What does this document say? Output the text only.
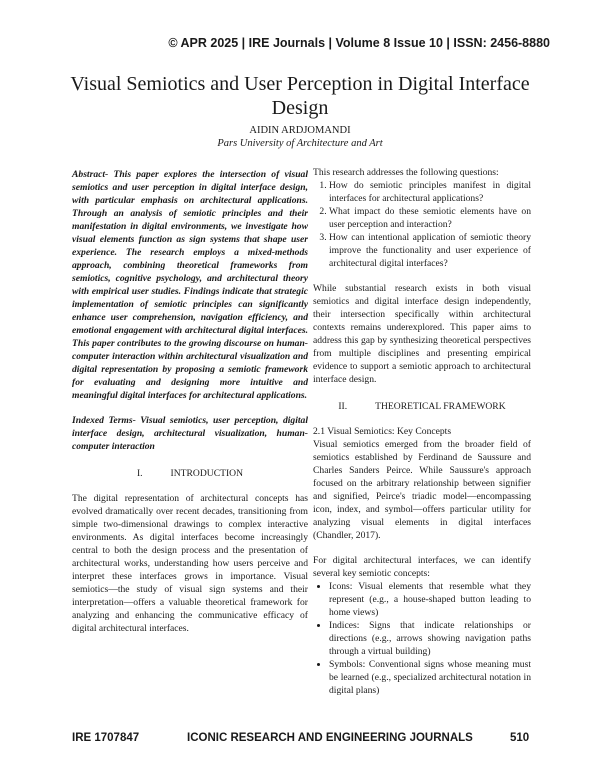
© APR 2025 | IRE Journals | Volume 8 Issue 10 | ISSN: 2456-8880
Visual Semiotics and User Perception in Digital Interface Design
AIDIN ARDJOMANDI
Pars University of Architecture and Art

Abstract- This paper explores the intersection of visual semiotics and user perception in digital interface design, with particular emphasis on architectural applications. Through an analysis of semiotic principles and their manifestation in digital environments, we investigate how visual elements function as sign systems that shape user experience. The research employs a mixed-methods approach, combining theoretical frameworks from semiotics, cognitive psychology, and architectural theory with empirical user studies. Findings indicate that strategic implementation of semiotic principles can significantly enhance user comprehension, navigation efficiency, and emotional engagement with architectural digital interfaces. This paper contributes to the growing discourse on human-computer interaction within architectural visualization and digital representation by proposing a semiotic framework for evaluating and designing more intuitive and meaningful digital interfaces for architectural applications.

Indexed Terms- Visual semiotics, user perception, digital interface design, architectural visualization, human-computer interaction

I.	INTRODUCTION

The digital representation of architectural concepts has evolved dramatically over recent decades, transitioning from simple two-dimensional drawings to complex interactive environments. As digital interfaces become increasingly central to both the design process and the presentation of architectural works, understanding how users perceive and interpret these interfaces grows in importance. Visual semiotics—the study of visual sign systems and their interpretation—offers a valuable theoretical framework for analyzing and enhancing the communicative efficacy of digital architectural interfaces.

This research addresses the following questions:

1. How do semiotic principles manifest in digital interfaces for architectural applications?
2. What impact do these semiotic elements have on user perception and interaction?
3. How can intentional application of semiotic theory improve the functionality and user experience of architectural digital interfaces?

While substantial research exists in both visual semiotics and digital interface design independently, their intersection specifically within architectural contexts remains underexplored. This paper aims to address this gap by synthesizing theoretical perspectives from multiple disciplines and presenting empirical evidence to support a semiotic approach to architectural interface design.

II.	THEORETICAL FRAMEWORK

2.1 Visual Semiotics: Key Concepts

Visual semiotics emerged from the broader field of semiotics established by Ferdinand de Saussure and Charles Sanders Peirce. While Saussure's approach focused on the arbitrary relationship between signifier and signified, Peirce's triadic model—encompassing icon, index, and symbol—offers particular utility for analyzing visual elements in digital interfaces (Chandler, 2017).

For digital architectural interfaces, we can identify several key semiotic concepts:

• Icons: Visual elements that resemble what they represent (e.g., a house-shaped button leading to home views)
• Indices: Signs that indicate relationships or directions (e.g., arrows showing navigation paths through a virtual building)
• Symbols: Conventional signs whose meaning must be learned (e.g., specialized architectural notation in digital plans)
IRE 1707847	ICONIC RESEARCH AND ENGINEERING JOURNALS	510
